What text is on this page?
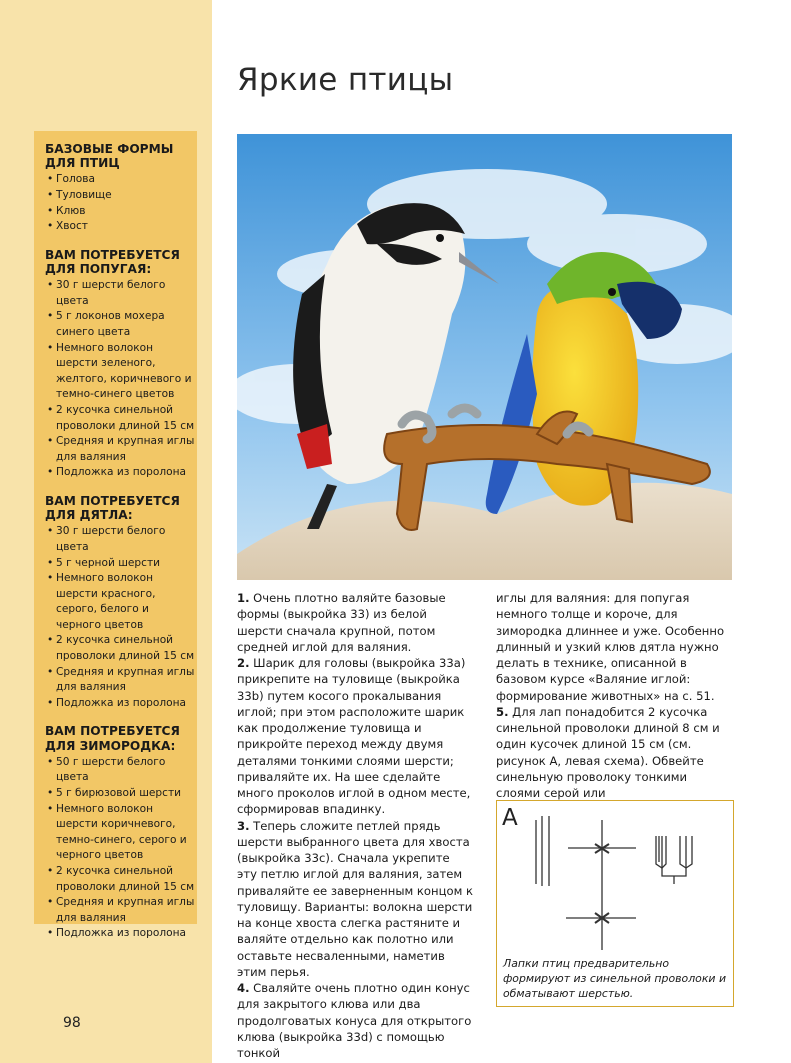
БАЗОВЫЕ ФОРМЫ
ДЛЯ ПТИЦ
• Голова
• Туловище
• Клюв
• Хвост
ВАМ ПОТРЕБУЕТСЯ
ДЛЯ ПОПУГАЯ:
• 30 г шерсти белого цвета
• 5 г локонов мохера синего цвета
• Немного волокон шерсти зеленого, желтого, коричневого и темно-синего цветов
• 2 кусочка синельной проволоки длиной 15 см
• Средняя и крупная иглы для валяния
• Подложка из поролона
ВАМ ПОТРЕБУЕТСЯ
ДЛЯ ДЯТЛА:
• 30 г шерсти белого цвета
• 5 г черной шерсти
• Немного волокон шерсти красного, серого, белого и черного цветов
• 2 кусочка синельной проволоки длиной 15 см
• Средняя и крупная иглы для валяния
• Подложка из поролона
ВАМ ПОТРЕБУЕТСЯ
ДЛЯ ЗИМОРОДКА:
• 50 г шерсти белого цвета
• 5 г бирюзовой шерсти
• Немного волокон шерсти коричневого, темно-синего, серого и черного цветов
• 2 кусочка синельной проволоки длиной 15 см
• Средняя и крупная иглы для валяния
• Подложка из поролона
Яркие птицы

1. Очень плотно валяйте базовые формы (выкройка 33) из белой шерсти сначала крупной, потом средней иглой для валяния.

2. Шарик для головы (выкройка 33a) прикрепите на туловище (выкройка 33b) путем косого прокалывания иглой; при этом расположите шарик как продолжение туловища и прикройте переход между двумя деталями тонкими слоями шерсти; приваляйте их. На шее сделайте много проколов иглой в одном месте, сформировав впадинку.

3. Теперь сложите петлей прядь шерсти выбранного цвета для хвоста (выкройка 33c). Сначала укрепите эту петлю иглой для валяния, затем приваляйте ее заверненным концом к туловищу. Варианты: волокна шерсти на конце хвоста слегка растяните и валяйте отдельно как полотно или оставьте несваленными, наметив этим перья.

4. Сваляйте очень плотно один конус для закрытого клюва или два продолговатых конуса для открытого клюва (выкройка 33d) с помощью тонкой

иглы для валяния: для попугая немного толще и короче, для зимородка длиннее и уже. Особенно длинный и узкий клюв дятла нужно делать в технике, описанной в базовом курсе «Валяние иглой: формирование животных» на с. 51.

5. Для лап понадобится 2 кусочка синельной проволоки длиной 8 см и один кусочек длиной 15 см (см. рисунок А, левая схема). Обвейте синельную проволоку тонкими слоями серой или

A
Лапки птиц предварительно формируют из синельной проволоки и обматывают шерстью.
98
